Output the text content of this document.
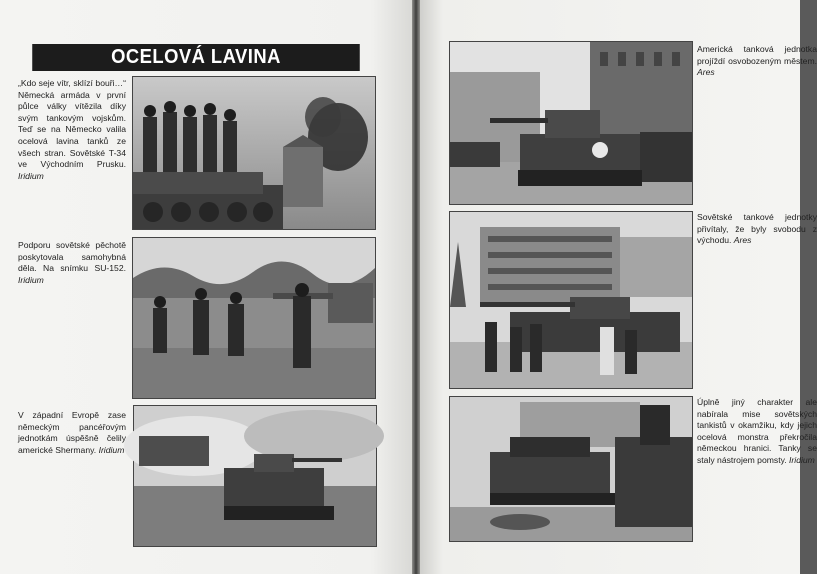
OCELOVÁ LAVINA
„Kdo seje vítr, sklízí bouři…“ Německá armáda v první půlce války vítězila díky svým tankovým vojskům. Teď se na Německo valila ocelová lavina tanků ze všech stran. Sovětské T-34 ve Východním Prusku. Iridium
Podporu sovětské pěchotě poskytovala samohybná děla. Na snímku SU-152. Iridium
V západní Evropě zase německým pancéřovým jednotkám úspěšně čelily americké Shermany. Iridium
Americká tanková jednotka projíždí osvobozeným městem. Ares
Sovětské tankové jednotky přivítaly, že byly svobodu z východu. Ares
Úplně jiný charakter ale nabírala mise sovětských tankistů v okamžiku, kdy jejich ocelová monstra překročila německou hranici. Tanky se staly nástrojem pomsty. Iridium
